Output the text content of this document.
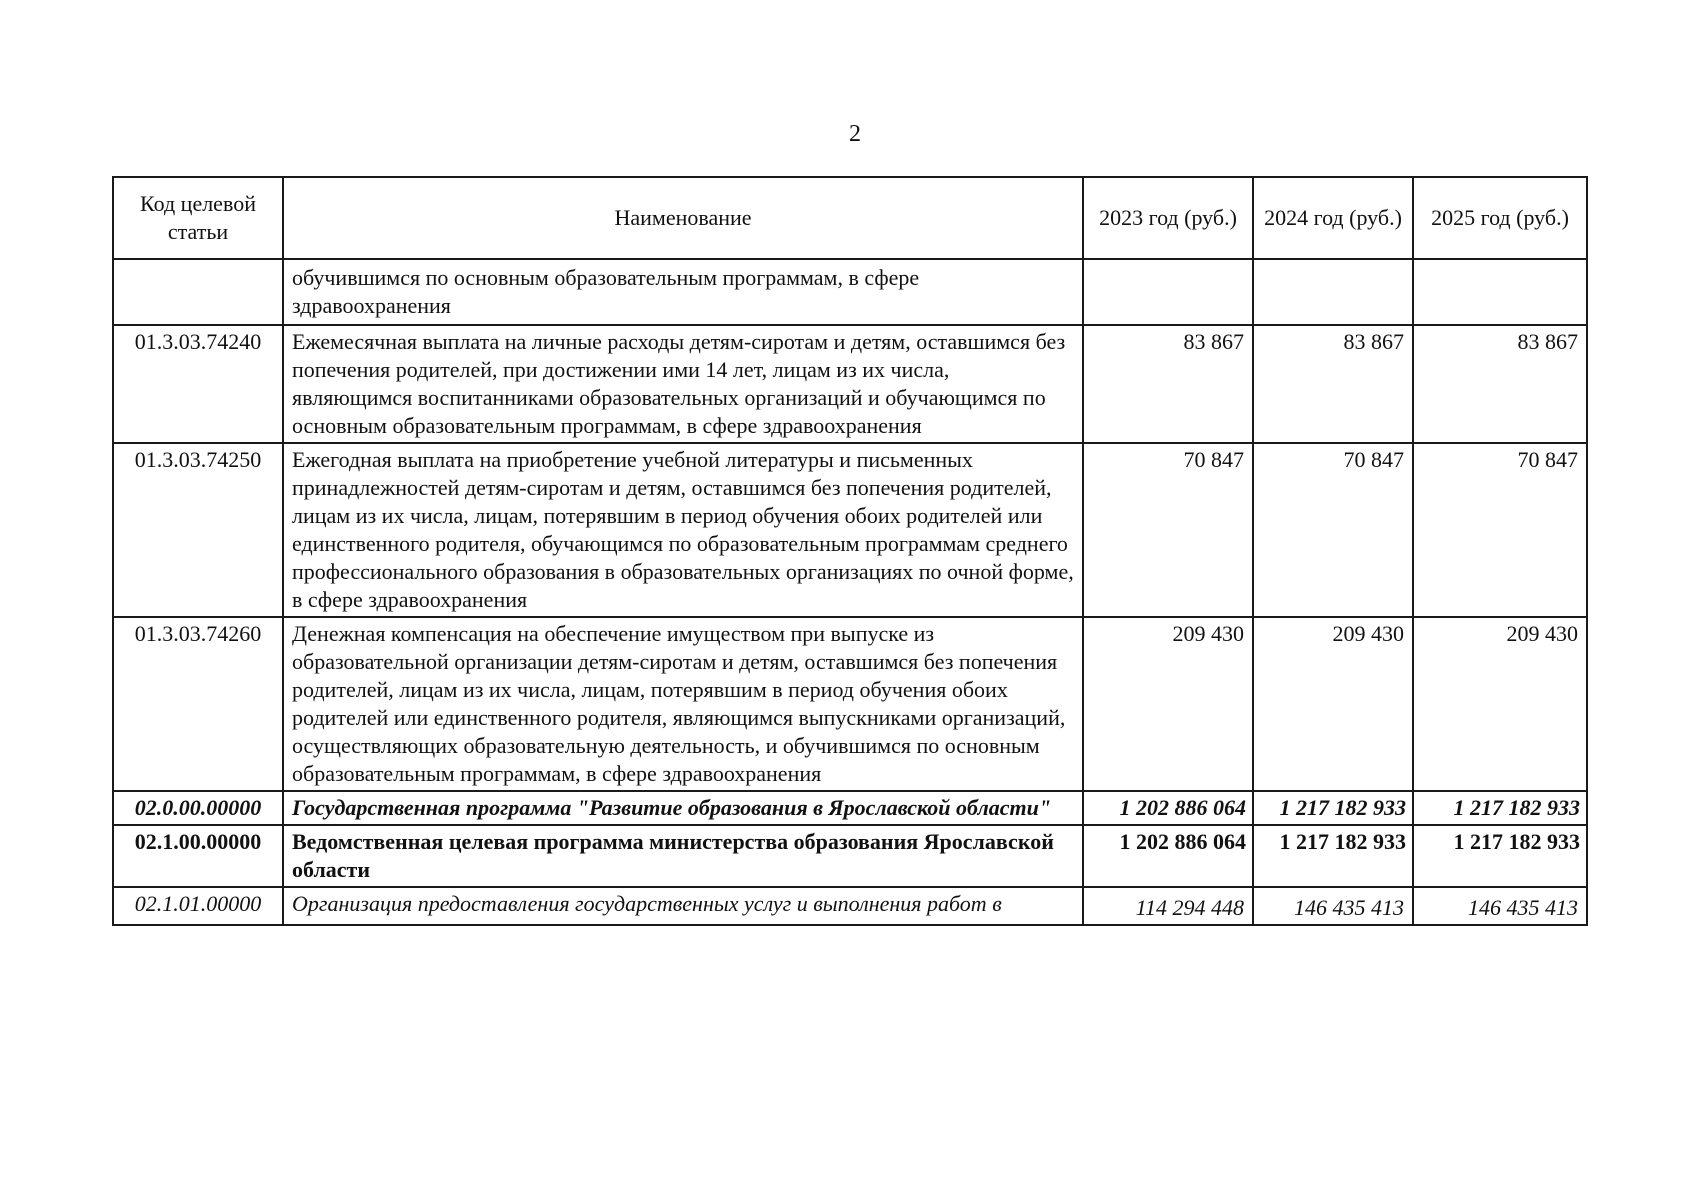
2
Код целевой статьи	Наименование	2023 год (руб.)	2024 год (руб.)	2025 год (руб.)
	обучившимся по основным образовательным программам, в сфере здравоохранения			
01.3.03.74240	Ежемесячная выплата на личные расходы детям-сиротам и детям, оставшимся без попечения родителей, при достижении ими 14 лет, лицам из их числа, являющимся воспитанниками образовательных организаций и обучающимся по основным образовательным программам, в сфере здравоохранения	83 867	83 867	83 867
01.3.03.74250	Ежегодная выплата на приобретение учебной литературы и письменных принадлежностей детям-сиротам и детям, оставшимся без попечения родителей, лицам из их числа, лицам, потерявшим в период обучения обоих родителей или единственного родителя, обучающимся по образовательным программам среднего профессионального образования в образовательных организациях по очной форме, в сфере здравоохранения	70 847	70 847	70 847
01.3.03.74260	Денежная компенсация на обеспечение имуществом при выпуске из образовательной организации детям-сиротам и детям, оставшимся без попечения родителей, лицам из их числа, лицам, потерявшим в период обучения обоих родителей или единственного родителя, являющимся выпускниками организаций, осуществляющих образовательную деятельность, и обучившимся по основным образовательным программам, в сфере здравоохранения	209 430	209 430	209 430
02.0.00.00000	Государственная программа "Развитие образования в Ярославской области"	1 202 886 064	1 217 182 933	1 217 182 933
02.1.00.00000	Ведомственная целевая программа министерства образования Ярославской области	1 202 886 064	1 217 182 933	1 217 182 933
02.1.01.00000	Организация предоставления государственных услуг и выполнения работ в	114 294 448	146 435 413	146 435 413
